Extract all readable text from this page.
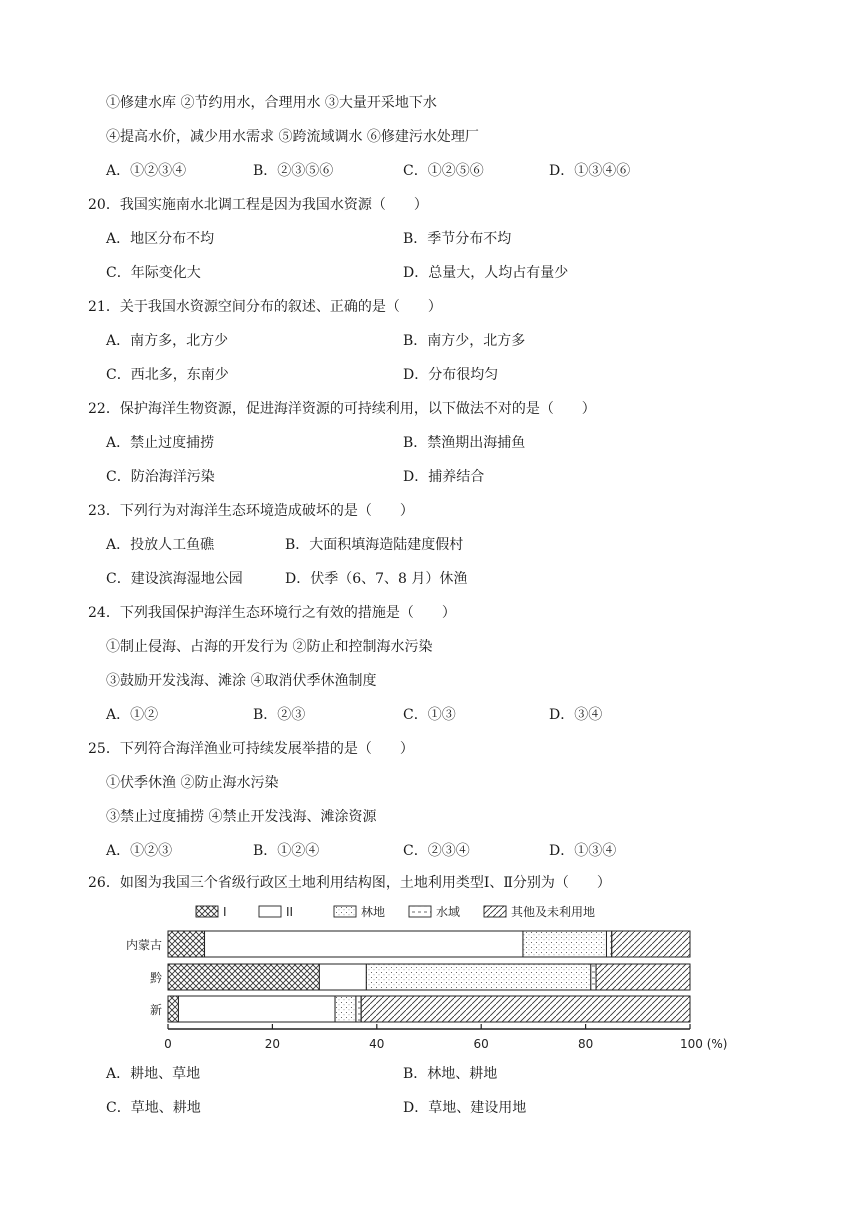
①修建水库 ②节约用水，合理用水 ③大量开采地下水
④提高水价，减少用水需求 ⑤跨流域调水 ⑥修建污水处理厂
A．①②③④	B．②③⑤⑥	C．①②⑤⑥	D．①③④⑥
20．我国实施南水北调工程是因为我国水资源（　　）
A．地区分布不均	B．季节分布不均
C．年际变化大	D．总量大，人均占有量少
21．关于我国水资源空间分布的叙述、正确的是（　　）
A．南方多，北方少	B．南方少，北方多
C．西北多，东南少	D．分布很均匀
22．保护海洋生物资源，促进海洋资源的可持续利用，以下做法不对的是（　　）
A．禁止过度捕捞	B．禁渔期出海捕鱼
C．防治海洋污染	D．捕养结合
23．下列行为对海洋生态环境造成破坏的是（　　）
A．投放人工鱼礁	B．大面积填海造陆建度假村
C．建设滨海湿地公园	D．伏季（6、7、8 月）休渔
24．下列我国保护海洋生态环境行之有效的措施是（　　）
①制止侵海、占海的开发行为 ②防止和控制海水污染
③鼓励开发浅海、滩涂 ④取消伏季休渔制度
A．①②	B．②③	C．①③	D．③④
25．下列符合海洋渔业可持续发展举措的是（　　）
①伏季休渔 ②防止海水污染
③禁止过度捕捞 ④禁止开发浅海、滩涂资源
A．①②③	B．①②④	C．②③④	D．①③④
26．如图为我国三个省级行政区土地利用结构图，土地利用类型Ⅰ、Ⅱ分别为（　　）
I	II	林地	水域	其他及未利用地
内蒙古
黔
新
0	20	40	60	80	100 (%)
A．耕地、草地	B．林地、耕地
C．草地、耕地	D．草地、建设用地
